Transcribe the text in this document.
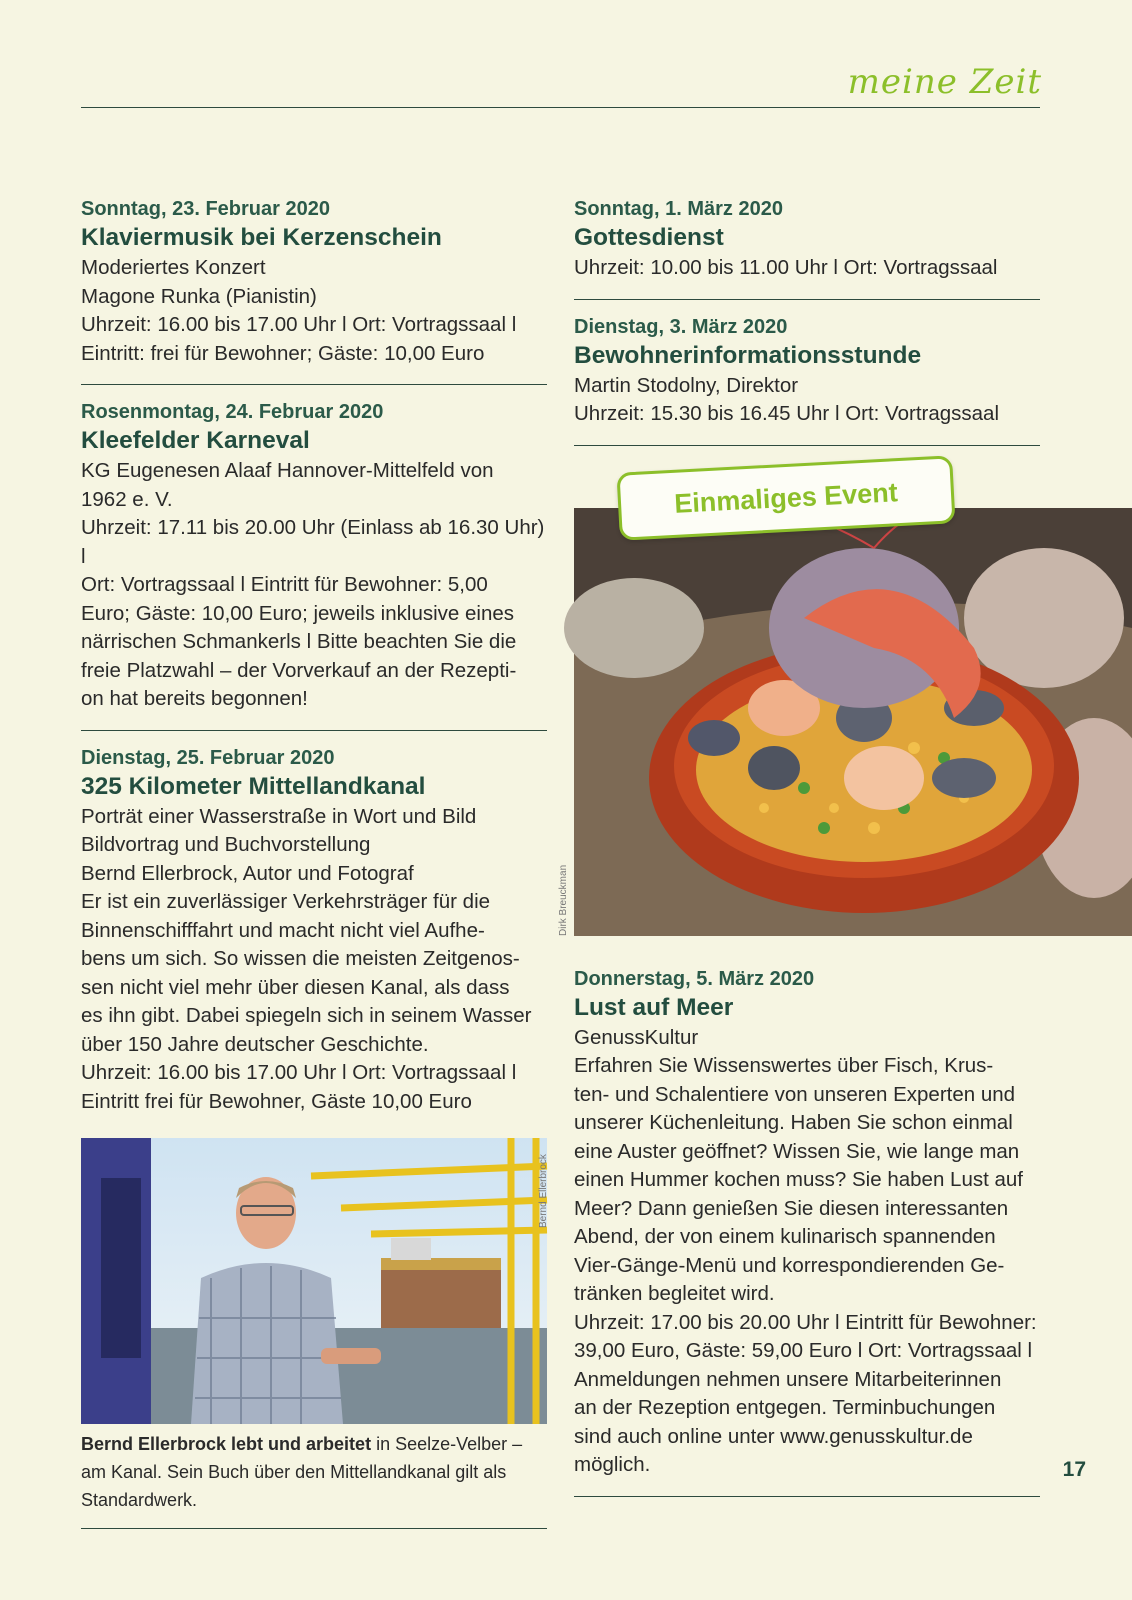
meine Zeit
Sonntag, 23. Februar 2020
Klaviermusik bei Kerzenschein
Moderiertes Konzert
Magone Runka (Pianistin)
Uhrzeit: 16.00 bis 17.00 Uhr l Ort: Vortragssaal l
Eintritt: frei für Bewohner; Gäste: 10,00 Euro
Rosenmontag, 24. Februar 2020
Kleefelder Karneval
KG Eugenesen Alaaf Hannover-Mittelfeld von
1962 e. V.
Uhrzeit: 17.11 bis 20.00 Uhr (Einlass ab 16.30 Uhr) l
Ort: Vortragssaal l Eintritt für Bewohner: 5,00
Euro; Gäste: 10,00 Euro; jeweils inklusive eines
närrischen Schmankerls l Bitte beachten Sie die
freie Platzwahl – der Vorverkauf an der Rezepti-
on hat bereits begonnen!
Dienstag, 25. Februar 2020
325 Kilometer Mittellandkanal
Porträt einer Wasserstraße in Wort und Bild
Bildvortrag und Buchvorstellung
Bernd Ellerbrock, Autor und Fotograf
Er ist ein zuverlässiger Verkehrsträger für die
Binnenschifffahrt und macht nicht viel Aufhe-
bens um sich. So wissen die meisten Zeitgenos-
sen nicht viel mehr über diesen Kanal, als dass
es ihn gibt. Dabei spiegeln sich in seinem Wasser
über 150 Jahre deutscher Geschichte.
Uhrzeit: 16.00 bis 17.00 Uhr l Ort: Vortragssaal l
Eintritt frei für Bewohner, Gäste 10,00 Euro
Bernd Ellerbrock
Bernd Ellerbrock lebt und arbeitet in Seelze-Velber –
am Kanal. Sein Buch über den Mittellandkanal gilt als
Standardwerk.
Sonntag, 1. März 2020
Gottesdienst
Uhrzeit: 10.00 bis 11.00 Uhr l Ort: Vortragssaal
Dienstag, 3. März 2020
Bewohnerinformationsstunde
Martin Stodolny, Direktor
Uhrzeit: 15.30 bis 16.45 Uhr l Ort: Vortragssaal
Einmaliges Event
Dirk Breuckman
Donnerstag, 5. März 2020
Lust auf Meer
GenussKultur
Erfahren Sie Wissenswertes über Fisch, Krus-
ten- und Schalentiere von unseren Experten und
unserer Küchenleitung. Haben Sie schon einmal
eine Auster geöffnet? Wissen Sie, wie lange man
einen Hummer kochen muss? Sie haben Lust auf
Meer? Dann genießen Sie diesen interessanten
Abend, der von einem kulinarisch spannenden
Vier-Gänge-Menü und korrespondierenden Ge-
tränken begleitet wird.
Uhrzeit: 17.00 bis 20.00 Uhr l Eintritt für Bewohner:
39,00 Euro, Gäste: 59,00 Euro l Ort: Vortragssaal l
Anmeldungen nehmen unsere Mitarbeiterinnen
an der Rezeption entgegen. Terminbuchungen
sind auch online unter www.genusskultur.de
möglich.	17
